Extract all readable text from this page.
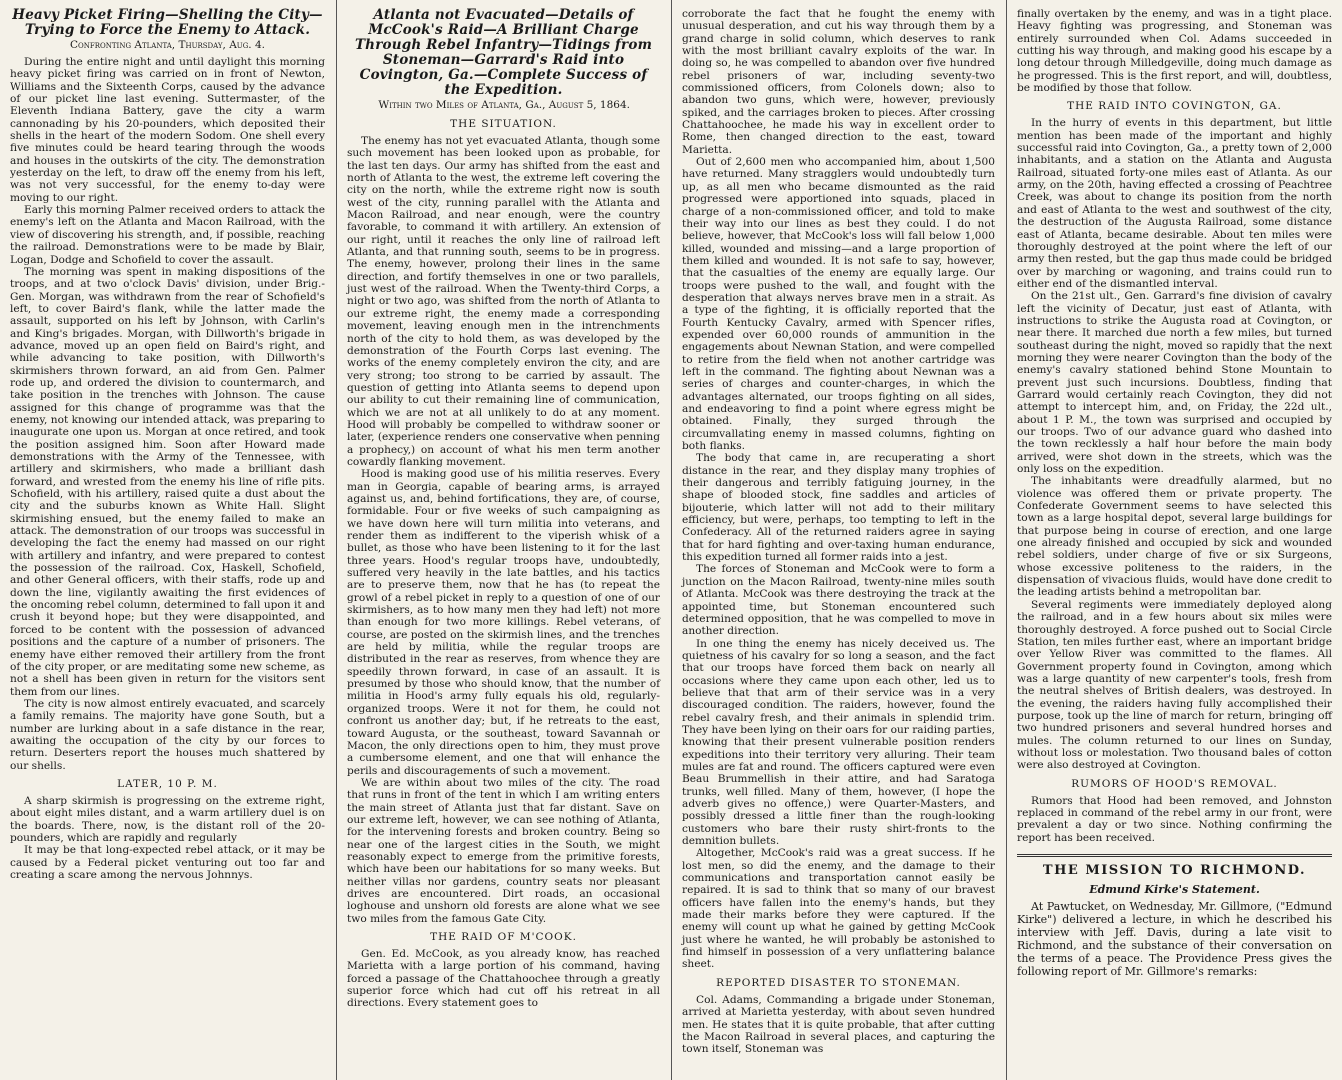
Heavy Picket Firing—Shelling the City—Trying to Force the Enemy to Attack.
Confronting Atlanta, Thursday, Aug. 4.

During the entire night and until daylight this morning heavy picket firing was carried on in front of Newton, Williams and the Sixteenth Corps, caused by the advance of our picket line last evening. Suttermaster, of the Eleventh Indiana Battery, gave the city a warm cannonading by his 20-pounders, which deposited their shells in the heart of the modern Sodom. One shell every five minutes could be heard tearing through the woods and houses in the outskirts of the city. The demonstration yesterday on the left, to draw off the enemy from his left, was not very successful, for the enemy to-day were moving to our right.

Early this morning Palmer received orders to attack the enemy's left on the Atlanta and Macon Railroad, with the view of discovering his strength, and, if possible, reaching the railroad. Demonstrations were to be made by Blair, Logan, Dodge and Schofield to cover the assault.

The morning was spent in making dispositions of the troops, and at two o'clock Davis' division, under Brig.-Gen. Morgan, was withdrawn from the rear of Schofield's left, to cover Baird's flank, while the latter made the assault, supported on his left by Johnson, with Carlin's and King's brigades. Morgan, with Dillworth's brigade in advance, moved up an open field on Baird's right, and while advancing to take position, with Dillworth's skirmishers thrown forward, an aid from Gen. Palmer rode up, and ordered the division to countermarch, and take position in the trenches with Johnson. The cause assigned for this change of programme was that the enemy, not knowing our intended attack, was preparing to inaugurate one upon us. Morgan at once retired, and took the position assigned him. Soon after Howard made demonstrations with the Army of the Tennessee, with artillery and skirmishers, who made a brilliant dash forward, and wrested from the enemy his line of rifle pits. Schofield, with his artillery, raised quite a dust about the city and the suburbs known as White Hall. Slight skirmishing ensued, but the enemy failed to make an attack. The demonstration of our troops was successful in developing the fact the enemy had massed on our right with artillery and infantry, and were prepared to contest the possession of the railroad. Cox, Haskell, Schofield, and other General officers, with their staffs, rode up and down the line, vigilantly awaiting the first evidences of the oncoming rebel column, determined to fall upon it and crush it beyond hope; but they were disappointed, and forced to be content with the possession of advanced positions and the capture of a number of prisoners. The enemy have either removed their artillery from the front of the city proper, or are meditating some new scheme, as not a shell has been given in return for the visitors sent them from our lines.

The city is now almost entirely evacuated, and scarcely a family remains. The majority have gone South, but a number are lurking about in a safe distance in the rear, awaiting the occupation of the city by our forces to return. Deserters report the houses much shattered by our shells.

LATER, 10 P. M.

A sharp skirmish is progressing on the extreme right, about eight miles distant, and a warm artillery duel is on the boards. There, now, is the distant roll of the 20-pounders, which are rapidly and regularly

It may be that long-expected rebel attack, or it may be caused by a Federal picket venturing out too far and creating a scare among the nervous Johnnys.

Atlanta not Evacuated—Details of McCook's Raid—A Brilliant Charge Through Rebel Infantry—Tidings from Stoneman—Garrard's Raid into Covington, Ga.—Complete Success of the Expedition.
Within two Miles of Atlanta, Ga., August 5, 1864.
THE SITUATION.

The enemy has not yet evacuated Atlanta, though some such movement has been looked upon as probable, for the last ten days. Our army has shifted from the east and north of Atlanta to the west, the extreme left covering the city on the north, while the extreme right now is south west of the city, running parallel with the Atlanta and Macon Railroad, and near enough, were the country favorable, to command it with artillery. An extension of our right, until it reaches the only line of railroad left Atlanta, and that running south, seems to be in progress. The enemy, however, prolong their lines in the same direction, and fortify themselves in one or two parallels, just west of the railroad. When the Twenty-third Corps, a night or two ago, was shifted from the north of Atlanta to our extreme right, the enemy made a corresponding movement, leaving enough men in the intrenchments north of the city to hold them, as was developed by the demonstration of the Fourth Corps last evening. The works of the enemy completely environ the city, and are very strong; too strong to be carried by assault. The question of getting into Atlanta seems to depend upon our ability to cut their remaining line of communication, which we are not at all unlikely to do at any moment. Hood will probably be compelled to withdraw sooner or later, (experience renders one conservative when penning a prophecy,) on account of what his men term another cowardly flanking movement.

Hood is making good use of his militia reserves. Every man in Georgia, capable of bearing arms, is arrayed against us, and, behind fortifications, they are, of course, formidable. Four or five weeks of such campaigning as we have down here will turn militia into veterans, and render them as indifferent to the viperish whisk of a bullet, as those who have been listening to it for the last three years. Hood's regular troops have, undoubtedly, suffered very heavily in the late battles, and his tactics are to preserve them, now that he has (to repeat the growl of a rebel picket in reply to a question of one of our skirmishers, as to how many men they had left) not more than enough for two more killings. Rebel veterans, of course, are posted on the skirmish lines, and the trenches are held by militia, while the regular troops are distributed in the rear as reserves, from whence they are speedily thrown forward, in case of an assault. It is presumed by those who should know, that the number of militia in Hood's army fully equals his old, regularly-organized troops. Were it not for them, he could not confront us another day; but, if he retreats to the east, toward Augusta, or the southeast, toward Savannah or Macon, the only directions open to him, they must prove a cumbersome element, and one that will enhance the perils and discouragements of such a movement.

We are within about two miles of the city. The road that runs in front of the tent in which I am writing enters the main street of Atlanta just that far distant. Save on our extreme left, however, we can see nothing of Atlanta, for the intervening forests and broken country. Being so near one of the largest cities in the South, we might reasonably expect to emerge from the primitive forests, which have been our habitations for so many weeks. But neither villas nor gardens, country seats nor pleasant drives are encountered. Dirt roads, an occasional loghouse and unshorn old forests are alone what we see two miles from the famous Gate City.

THE RAID OF M'COOK.

Gen. Ed. McCook, as you already know, has reached Marietta with a large portion of his command, having forced a passage of the Chattahoochee through a greatly superior force which had cut off his retreat in all directions. Every statement goes to

corroborate the fact that he fought the enemy with unusual desperation, and cut his way through them by a grand charge in solid column, which deserves to rank with the most brilliant cavalry exploits of the war. In doing so, he was compelled to abandon over five hundred rebel prisoners of war, including seventy-two commissioned officers, from Colonels down; also to abandon two guns, which were, however, previously spiked, and the carriages broken to pieces. After crossing Chattahoochee, he made his way in excellent order to Rome, then changed direction to the east, toward Marietta.

Out of 2,600 men who accompanied him, about 1,500 have returned. Many stragglers would undoubtedly turn up, as all men who became dismounted as the raid progressed were apportioned into squads, placed in charge of a non-commissioned officer, and told to make their way into our lines as best they could. I do not believe, however, that McCook's loss will fall below 1,000 killed, wounded and missing—and a large proportion of them killed and wounded. It is not safe to say, however, that the casualties of the enemy are equally large. Our troops were pushed to the wall, and fought with the desperation that always nerves brave men in a strait. As a type of the fighting, it is officially reported that the Fourth Kentucky Cavalry, armed with Spencer rifles, expended over 60,000 rounds of ammunition in the engagements about Newnan Station, and were compelled to retire from the field when not another cartridge was left in the command. The fighting about Newnan was a series of charges and counter-charges, in which the advantages alternated, our troops fighting on all sides, and endeavoring to find a point where egress might be obtained. Finally, they surged through the circumvallating enemy in massed columns, fighting on both flanks.

The body that came in, are recuperating a short distance in the rear, and they display many trophies of their dangerous and terribly fatiguing journey, in the shape of blooded stock, fine saddles and articles of bijouterie, which latter will not add to their military efficiency, but were, perhaps, too tempting to left in the Confederacy. All of the returned raiders agree in saying that for hard fighting and over-taxing human endurance, this expedition turned all former raids into a jest.

The forces of Stoneman and McCook were to form a junction on the Macon Railroad, twenty-nine miles south of Atlanta. McCook was there destroying the track at the appointed time, but Stoneman encountered such determined opposition, that he was compelled to move in another direction.

In one thing the enemy has nicely deceived us. The quietness of his cavalry for so long a season, and the fact that our troops have forced them back on nearly all occasions where they came upon each other, led us to believe that that arm of their service was in a very discouraged condition. The raiders, however, found the rebel cavalry fresh, and their animals in splendid trim. They have been lying on their oars for our raiding parties, knowing that their present vulnerable position renders expeditions into their territory very alluring. Their team mules are fat and round. The officers captured were even Beau Brummellish in their attire, and had Saratoga trunks, well filled. Many of them, however, (I hope the adverb gives no offence,) were Quarter-Masters, and possibly dressed a little finer than the rough-looking customers who bare their rusty shirt-fronts to the demnition bullets.

Altogether, McCook's raid was a great success. If he lost men, so did the enemy, and the damage to their communications and transportation cannot easily be repaired. It is sad to think that so many of our bravest officers have fallen into the enemy's hands, but they made their marks before they were captured. If the enemy will count up what he gained by getting McCook just where he wanted, he will probably be astonished to find himself in possession of a very unflattering balance sheet.

REPORTED DISASTER TO STONEMAN.

Col. Adams, Commanding a brigade under Stoneman, arrived at Marietta yesterday, with about seven hundred men. He states that it is quite probable, that after cutting the Macon Railroad in several places, and capturing the town itself, Stoneman was

finally overtaken by the enemy, and was in a tight place. Heavy fighting was progressing, and Stoneman was entirely surrounded when Col. Adams succeeded in cutting his way through, and making good his escape by a long detour through Milledgeville, doing much damage as he progressed. This is the first report, and will, doubtless, be modified by those that follow.

THE RAID INTO COVINGTON, GA.

In the hurry of events in this department, but little mention has been made of the important and highly successful raid into Covington, Ga., a pretty town of 2,000 inhabitants, and a station on the Atlanta and Augusta Railroad, situated forty-one miles east of Atlanta. As our army, on the 20th, having effected a crossing of Peachtree Creek, was about to change its position from the north and east of Atlanta to the west and southwest of the city, the destruction of the Augusta Railroad, some distance east of Atlanta, became desirable. About ten miles were thoroughly destroyed at the point where the left of our army then rested, but the gap thus made could be bridged over by marching or wagoning, and trains could run to either end of the dismantled interval.

On the 21st ult., Gen. Garrard's fine division of cavalry left the vicinity of Decatur, just east of Atlanta, with instructions to strike the Augusta road at Covington, or near there. It marched due north a few miles, but turned southeast during the night, moved so rapidly that the next morning they were nearer Covington than the body of the enemy's cavalry stationed behind Stone Mountain to prevent just such incursions. Doubtless, finding that Garrard would certainly reach Covington, they did not attempt to intercept him, and, on Friday, the 22d ult., about 1 P. M., the town was surprised and occupied by our troops. Two of our advance guard who dashed into the town recklessly a half hour before the main body arrived, were shot down in the streets, which was the only loss on the expedition.

The inhabitants were dreadfully alarmed, but no violence was offered them or private property. The Confederate Government seems to have selected this town as a large hospital depot, several large buildings for that purpose being in course of erection, and one large one already finished and occupied by sick and wounded rebel soldiers, under charge of five or six Surgeons, whose excessive politeness to the raiders, in the dispensation of vivacious fluids, would have done credit to the leading artists behind a metropolitan bar.

Several regiments were immediately deployed along the railroad, and in a few hours about six miles were thoroughly destroyed. A force pushed out to Social Circle Station, ten miles further east, where an important bridge over Yellow River was committed to the flames. All Government property found in Covington, among which was a large quantity of new carpenter's tools, fresh from the neutral shelves of British dealers, was destroyed. In the evening, the raiders having fully accomplished their purpose, took up the line of march for return, bringing off two hundred prisoners and several hundred horses and mules. The column returned to our lines on Sunday, without loss or molestation. Two thousand bales of cotton were also destroyed at Covington.

RUMORS OF HOOD'S REMOVAL.

Rumors that Hood had been removed, and Johnston replaced in command of the rebel army in our front, were prevalent a day or two since. Nothing confirming the report has been received.

THE MISSION TO RICHMOND.
Edmund Kirke's Statement.

At Pawtucket, on Wednesday, Mr. Gillmore, ("Edmund Kirke") delivered a lecture, in which he described his interview with Jeff. Davis, during a late visit to Richmond, and the substance of their conversation on the terms of a peace. The Providence Press gives the following report of Mr. Gillmore's remarks:
